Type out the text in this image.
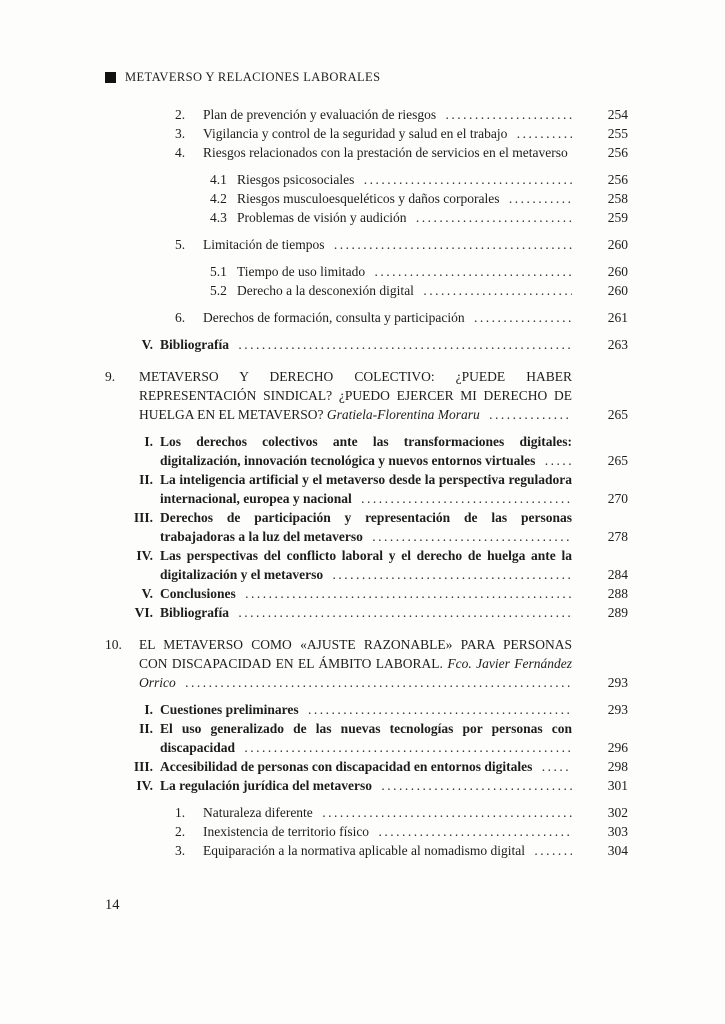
METAVERSO Y RELACIONES LABORALES
2.	Plan de prevención y evaluación de riesgos	254
3.	Vigilancia y control de la seguridad y salud en el trabajo	255
4.	Riesgos relacionados con la prestación de servicios en el metaverso	256
4.1 Riesgos psicosociales	256
4.2 Riesgos musculoesqueléticos y daños corporales	258
4.3 Problemas de visión y audición	259
5.	Limitación de tiempos	260
5.1 Tiempo de uso limitado	260
5.2 Derecho a la desconexión digital	260
6.	Derechos de formación, consulta y participación	261
V. Bibliografía	263
9.	METAVERSO Y DERECHO COLECTIVO: ¿PUEDE HABER REPRESENTACIÓN SINDICAL? ¿PUEDO EJERCER MI DERECHO DE HUELGA EN EL METAVERSO? Gratiela-Florentina Moraru	265
I. Los derechos colectivos ante las transformaciones digitales: digitalización, innovación tecnológica y nuevos entornos virtuales	265
II. La inteligencia artificial y el metaverso desde la perspectiva reguladora internacional, europea y nacional	270
III. Derechos de participación y representación de las personas trabajadoras a la luz del metaverso	278
IV. Las perspectivas del conflicto laboral y el derecho de huelga ante la digitalización y el metaverso	284
V. Conclusiones	288
VI. Bibliografía	289
10.	EL METAVERSO COMO «AJUSTE RAZONABLE» PARA PERSONAS CON DISCAPACIDAD EN EL ÁMBITO LABORAL. Fco. Javier Fernández Orrico	293
I. Cuestiones preliminares	293
II. El uso generalizado de las nuevas tecnologías por personas con discapacidad	296
III. Accesibilidad de personas con discapacidad en entornos digitales	298
IV. La regulación jurídica del metaverso	301
1.	Naturaleza diferente	302
2.	Inexistencia de territorio físico	303
3.	Equiparación a la normativa aplicable al nomadismo digital	304
14
